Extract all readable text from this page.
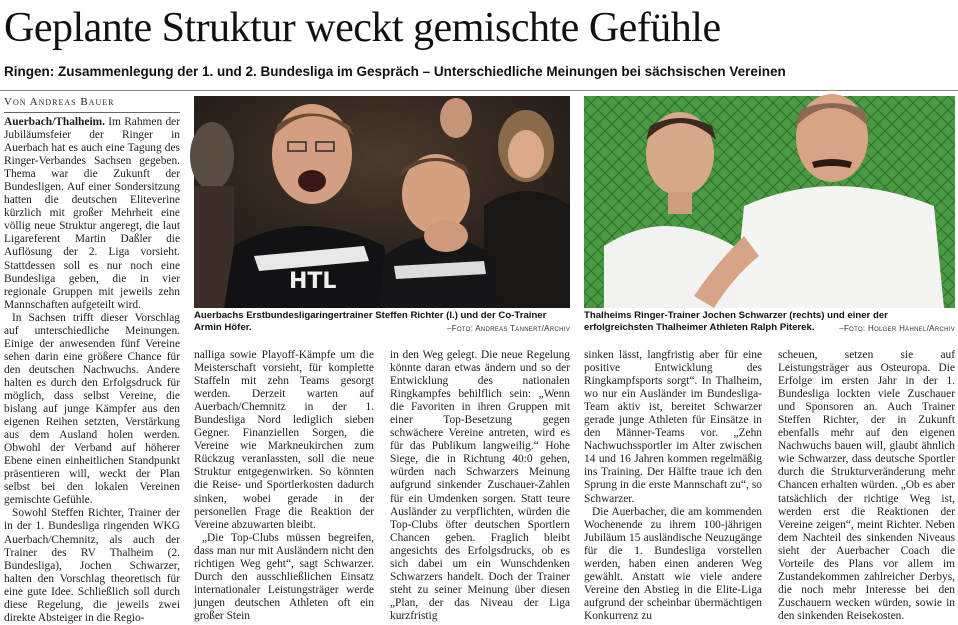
Geplante Struktur weckt gemischte Gefühle
Ringen: Zusammenlegung der 1. und 2. Bundesliga im Gespräch – Unterschiedliche Meinungen bei sächsischen Vereinen
Von Andreas Bauer

Auerbach/Thalheim. Im Rahmen der Jubiläumsfeier der Ringer in Auerbach hat es auch eine Tagung des Ringer-Verbandes Sachsen gegeben. Thema war die Zukunft der Bundesligen. Auf einer Sondersitzung hatten die deutschen Eliteverine kürzlich mit großer Mehrheit eine völlig neue Struktur angeregt, die laut Ligareferent Martin Daßler die Auflösung der 2. Liga vorsieht. Stattdessen soll es nur noch eine Bundesliga geben, die in vier regionale Gruppen mit jeweils zehn Mannschaften aufgeteilt wird.

In Sachsen trifft dieser Vorschlag auf unterschiedliche Meinungen. Einige der anwesenden fünf Vereine sehen darin eine größere Chance für den deutschen Nachwuchs. Andere halten es durch den Erfolgsdruck für möglich, dass selbst Vereine, die bislang auf junge Kämpfer aus den eigenen Reihen setzten, Verstärkung aus dem Ausland holen werden. Obwohl der Verband auf höherer Ebene einen einheitlichen Standpunkt präsentieren will, weckt der Plan selbst bei den lokalen Vereinen gemischte Gefühle.

Sowohl Steffen Richter, Trainer der in der 1. Bundesliga ringenden WKG Auerbach/Chemnitz, als auch der Trainer des RV Thalheim (2. Bundesliga), Jochen Schwarzer, halten den Vorschlag theoretisch für eine gute Idee. Schließlich soll durch diese Regelung, die jeweils zwei direkte Absteiger in die Regio-

HTL
Auerbachs Erstbundesligaringertrainer Steffen Richter (l.) und der Co-Trainer Armin Höfer.	–Foto: Andreas Tannert/Archiv
Thalheims Ringer-Trainer Jochen Schwarzer (rechts) und einer der erfolgreichsten Thalheimer Athleten Ralph Piterek.	–Foto: Holger Hähnel/Archiv

nalliga sowie Playoff-Kämpfe um die Meisterschaft vorsieht, für komplette Staffeln mit zehn Teams gesorgt werden. Derzeit warten auf Auerbach/Chemnitz in der 1. Bundesliga Nord lediglich sieben Gegner. Finanziellen Sorgen, die Vereine wie Markneukirchen zum Rückzug veranlassten, soll die neue Struktur entgegenwirken. So könnten die Reise- und Sportlerkosten dadurch sinken, wobei gerade in der personellen Frage die Reaktion der Vereine abzuwarten bleibt.

„Die Top-Clubs müssen begreifen, dass man nur mit Ausländern nicht den richtigen Weg geht“, sagt Schwarzer. Durch den ausschließlichen Einsatz internationaler Leistungsträger werde jungen deutschen Athleten oft ein großer Stein

in den Weg gelegt. Die neue Regelung könnte daran etwas ändern und so der Entwicklung des nationalen Ringkampfes behilflich sein: „Wenn die Favoriten in ihren Gruppen mit einer Top-Besetzung gegen schwächere Vereine antreten, wird es für das Publikum langweilig.“ Hohe Siege, die in Richtung 40:0 gehen, würden nach Schwarzers Meinung aufgrund sinkender Zuschauer-Zahlen für ein Umdenken sorgen. Statt teure Ausländer zu verpflichten, würden die Top-Clubs öfter deutschen Sportlern Chancen geben. Fraglich bleibt angesichts des Erfolgsdrucks, ob es sich dabei um ein Wunschdenken Schwarzers handelt. Doch der Trainer steht zu seiner Meinung über diesen „Plan, der das Niveau der Liga kurzfristig

sinken lässt, langfristig aber für eine positive Entwicklung des Ringkampfsports sorgt“. In Thalheim, wo nur ein Ausländer im Bundesliga-Team aktiv ist, bereitet Schwarzer gerade junge Athleten für Einsätze in den Männer-Teams vor. „Zehn Nachwuchssportler im Alter zwischen 14 und 16 Jahren kommen regelmäßig ins Training. Der Hälfte traue ich den Sprung in die erste Mannschaft zu“, so Schwarzer.

Die Auerbacher, die am kommenden Wochenende zu ihrem 100-jährigen Jubiläum 15 ausländische Neuzugänge für die 1. Bundesliga vorstellen werden, haben einen anderen Weg gewählt. Anstatt wie viele andere Vereine den Abstieg in die Elite-Liga aufgrund der scheinbar übermächtigen Konkurrenz zu

scheuen, setzen sie auf Leistungsträger aus Osteuropa. Die Erfolge im ersten Jahr in der 1. Bundesliga lockten viele Zuschauer und Sponsoren an. Auch Trainer Steffen Richter, der in Zukunft ebenfalls mehr auf den eigenen Nachwuchs bauen will, glaubt ähnlich wie Schwarzer, dass deutsche Sportler durch die Strukturveränderung mehr Chancen erhalten würden. „Ob es aber tatsächlich der richtige Weg ist, werden erst die Reaktionen der Vereine zeigen“, meint Richter. Neben dem Nachteil des sinkenden Niveaus sieht der Auerbacher Coach die Vorteile des Plans vor allem im Zustandekommen zahlreicher Derbys, die noch mehr Interesse bei den Zuschauern wecken würden, sowie in den sinkenden Reisekosten.
